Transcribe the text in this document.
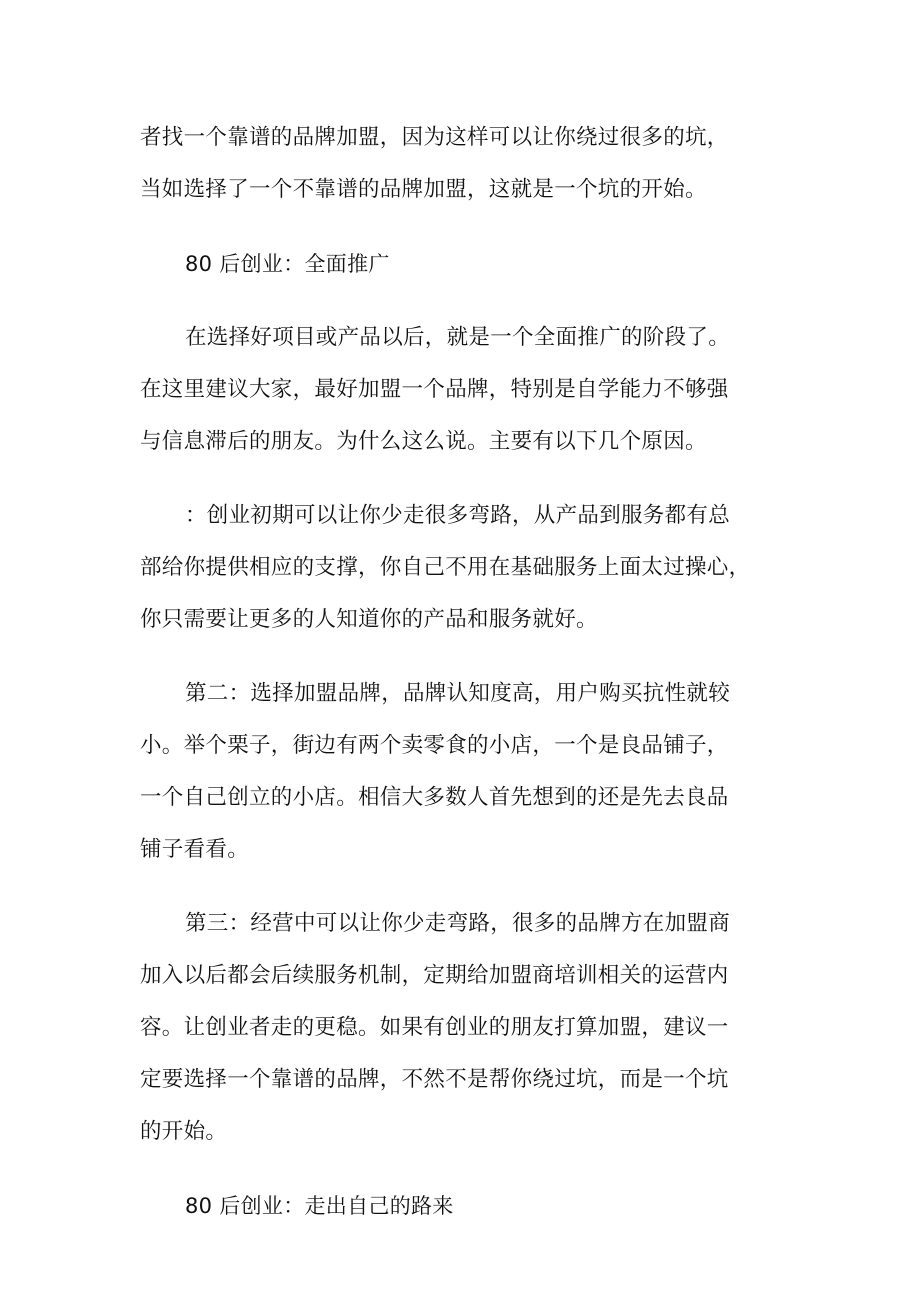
者找一个靠谱的品牌加盟，因为这样可以让你绕过很多的坑，
当如选择了一个不靠谱的品牌加盟，这就是一个坑的开始。
80 后创业：全面推广
在选择好项目或产品以后，就是一个全面推广的阶段了。
在这里建议大家，最好加盟一个品牌，特别是自学能力不够强
与信息滞后的朋友。为什么这么说。主要有以下几个原因。
：创业初期可以让你少走很多弯路，从产品到服务都有总
部给你提供相应的支撑，你自己不用在基础服务上面太过操心，
你只需要让更多的人知道你的产品和服务就好。
第二：选择加盟品牌，品牌认知度高，用户购买抗性就较
小。举个栗子，街边有两个卖零食的小店，一个是良品铺子，
一个自己创立的小店。相信大多数人首先想到的还是先去良品
铺子看看。
第三：经营中可以让你少走弯路，很多的品牌方在加盟商
加入以后都会后续服务机制，定期给加盟商培训相关的运营内
容。让创业者走的更稳。如果有创业的朋友打算加盟，建议一
定要选择一个靠谱的品牌，不然不是帮你绕过坑，而是一个坑
的开始。
80 后创业：走出自己的路来
